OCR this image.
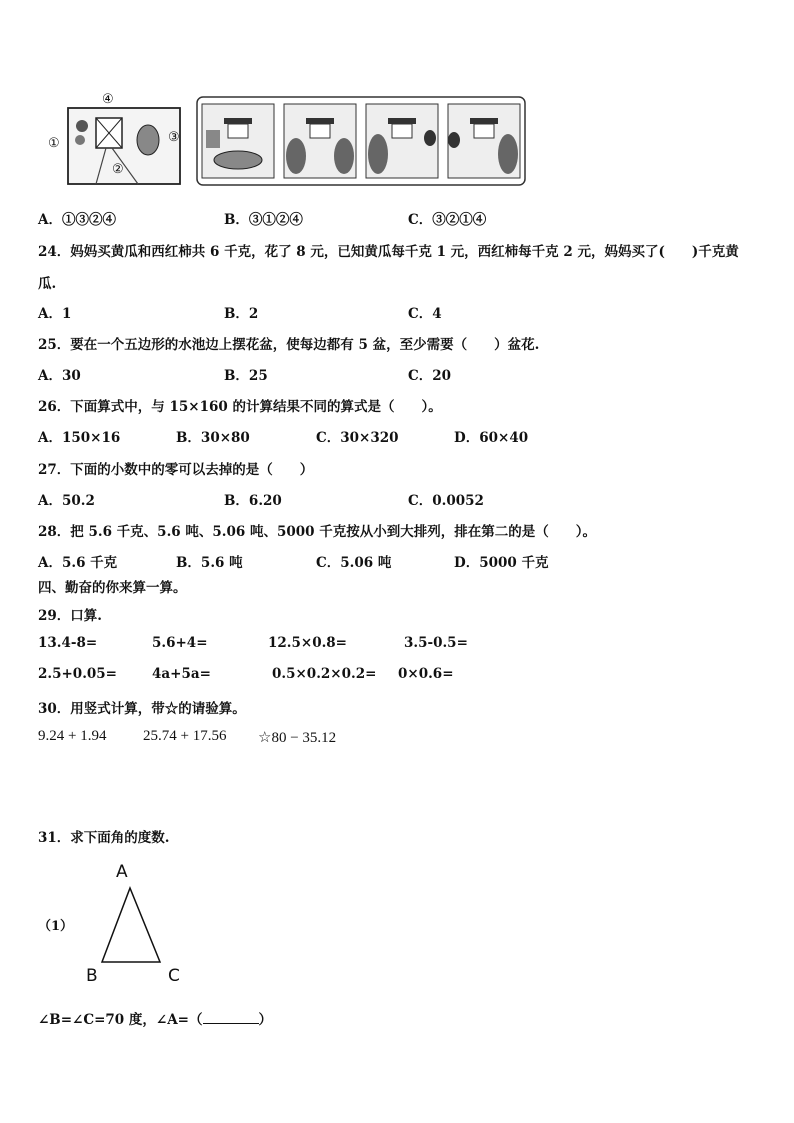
①
②
③
④
A．①③②④	B．③①②④	C．③②①④
24．妈妈买黄瓜和西红柿共 6 千克，花了 8 元，已知黄瓜每千克 1 元，西红柿每千克 2 元，妈妈买了(　　)千克黄
瓜.
A．1	B．2	C．4
25．要在一个五边形的水池边上摆花盆，使每边都有 5 盆，至少需要（　　）盆花.
A．30	B．25	C．20
26．下面算式中，与 15×160 的计算结果不同的算式是（　　）。
A．150×16	B．30×80	C．30×320	D．60×40
27．下面的小数中的零可以去掉的是（　　）
A．50.2	B．6.20	C．0.0052
28．把 5.6 千克、5.6 吨、5.06 吨、5000 千克按从小到大排列，排在第二的是（　　）。
A．5.6 千克	B．5.6 吨	C．5.06 吨	D．5000 千克
四、勤奋的你来算一算。
29．口算.
13.4-8=	5.6+4=	12.5×0.8=	3.5-0.5=
2.5+0.05=	4a+5a=	0.5×0.2×0.2= 0×0.6=
30．用竖式计算，带☆的请验算。
9.24 + 1.94 25.74 + 17.56 ☆80 − 35.12
31．求下面角的度数.
（1）
A
B	C
∠B=∠C=70 度，∠A=（	）
